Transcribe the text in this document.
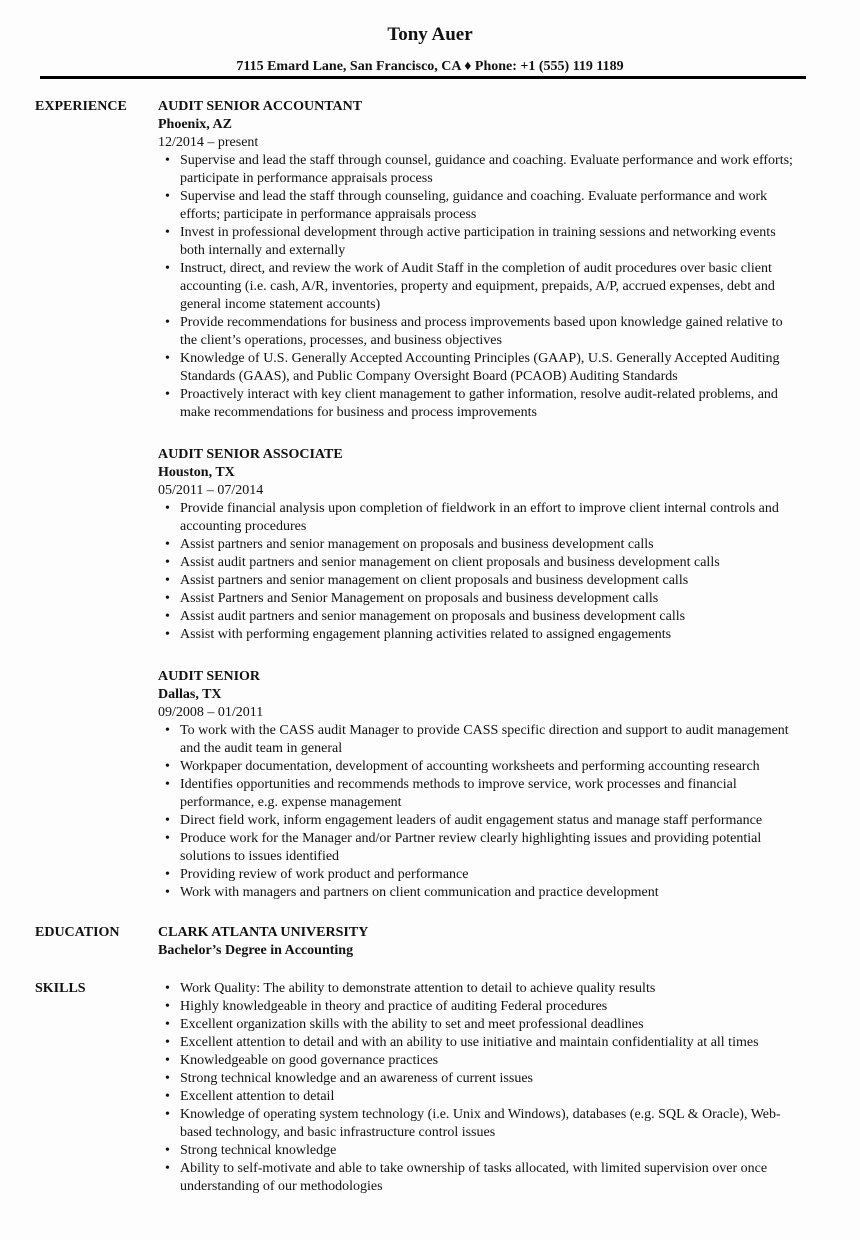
Tony Auer
7115 Emard Lane, San Francisco, CA ♦ Phone: +1 (555) 119 1189
EXPERIENCE AUDIT SENIOR ACCOUNTANT
Phoenix, AZ
12/2014 – present
• Supervise and lead the staff through counsel, guidance and coaching. Evaluate performance and work efforts; participate in performance appraisals process
• Supervise and lead the staff through counseling, guidance and coaching. Evaluate performance and work efforts; participate in performance appraisals process
• Invest in professional development through active participation in training sessions and networking events both internally and externally
• Instruct, direct, and review the work of Audit Staff in the completion of audit procedures over basic client accounting (i.e. cash, A/R, inventories, property and equipment, prepaids, A/P, accrued expenses, debt and general income statement accounts)
• Provide recommendations for business and process improvements based upon knowledge gained relative to the client’s operations, processes, and business objectives
• Knowledge of U.S. Generally Accepted Accounting Principles (GAAP), U.S. Generally Accepted Auditing Standards (GAAS), and Public Company Oversight Board (PCAOB) Auditing Standards
• Proactively interact with key client management to gather information, resolve audit-related problems, and make recommendations for business and process improvements
AUDIT SENIOR ASSOCIATE
Houston, TX
05/2011 – 07/2014
• Provide financial analysis upon completion of fieldwork in an effort to improve client internal controls and accounting procedures
• Assist partners and senior management on proposals and business development calls
• Assist audit partners and senior management on client proposals and business development calls
• Assist partners and senior management on client proposals and business development calls
• Assist Partners and Senior Management on proposals and business development calls
• Assist audit partners and senior management on proposals and business development calls
• Assist with performing engagement planning activities related to assigned engagements
AUDIT SENIOR
Dallas, TX
09/2008 – 01/2011
• To work with the CASS audit Manager to provide CASS specific direction and support to audit management and the audit team in general
• Workpaper documentation, development of accounting worksheets and performing accounting research
• Identifies opportunities and recommends methods to improve service, work processes and financial performance, e.g. expense management
• Direct field work, inform engagement leaders of audit engagement status and manage staff performance
• Produce work for the Manager and/or Partner review clearly highlighting issues and providing potential solutions to issues identified
• Providing review of work product and performance
• Work with managers and partners on client communication and practice development
EDUCATION	CLARK ATLANTA UNIVERSITY
Bachelor’s Degree in Accounting
SKILLS	• Work Quality: The ability to demonstrate attention to detail to achieve quality results
• Highly knowledgeable in theory and practice of auditing Federal procedures
• Excellent organization skills with the ability to set and meet professional deadlines
• Excellent attention to detail and with an ability to use initiative and maintain confidentiality at all times
• Knowledgeable on good governance practices
• Strong technical knowledge and an awareness of current issues
• Excellent attention to detail
• Knowledge of operating system technology (i.e. Unix and Windows), databases (e.g. SQL & Oracle), Web-based technology, and basic infrastructure control issues
• Strong technical knowledge
• Ability to self-motivate and able to take ownership of tasks allocated, with limited supervision over once understanding of our methodologies
